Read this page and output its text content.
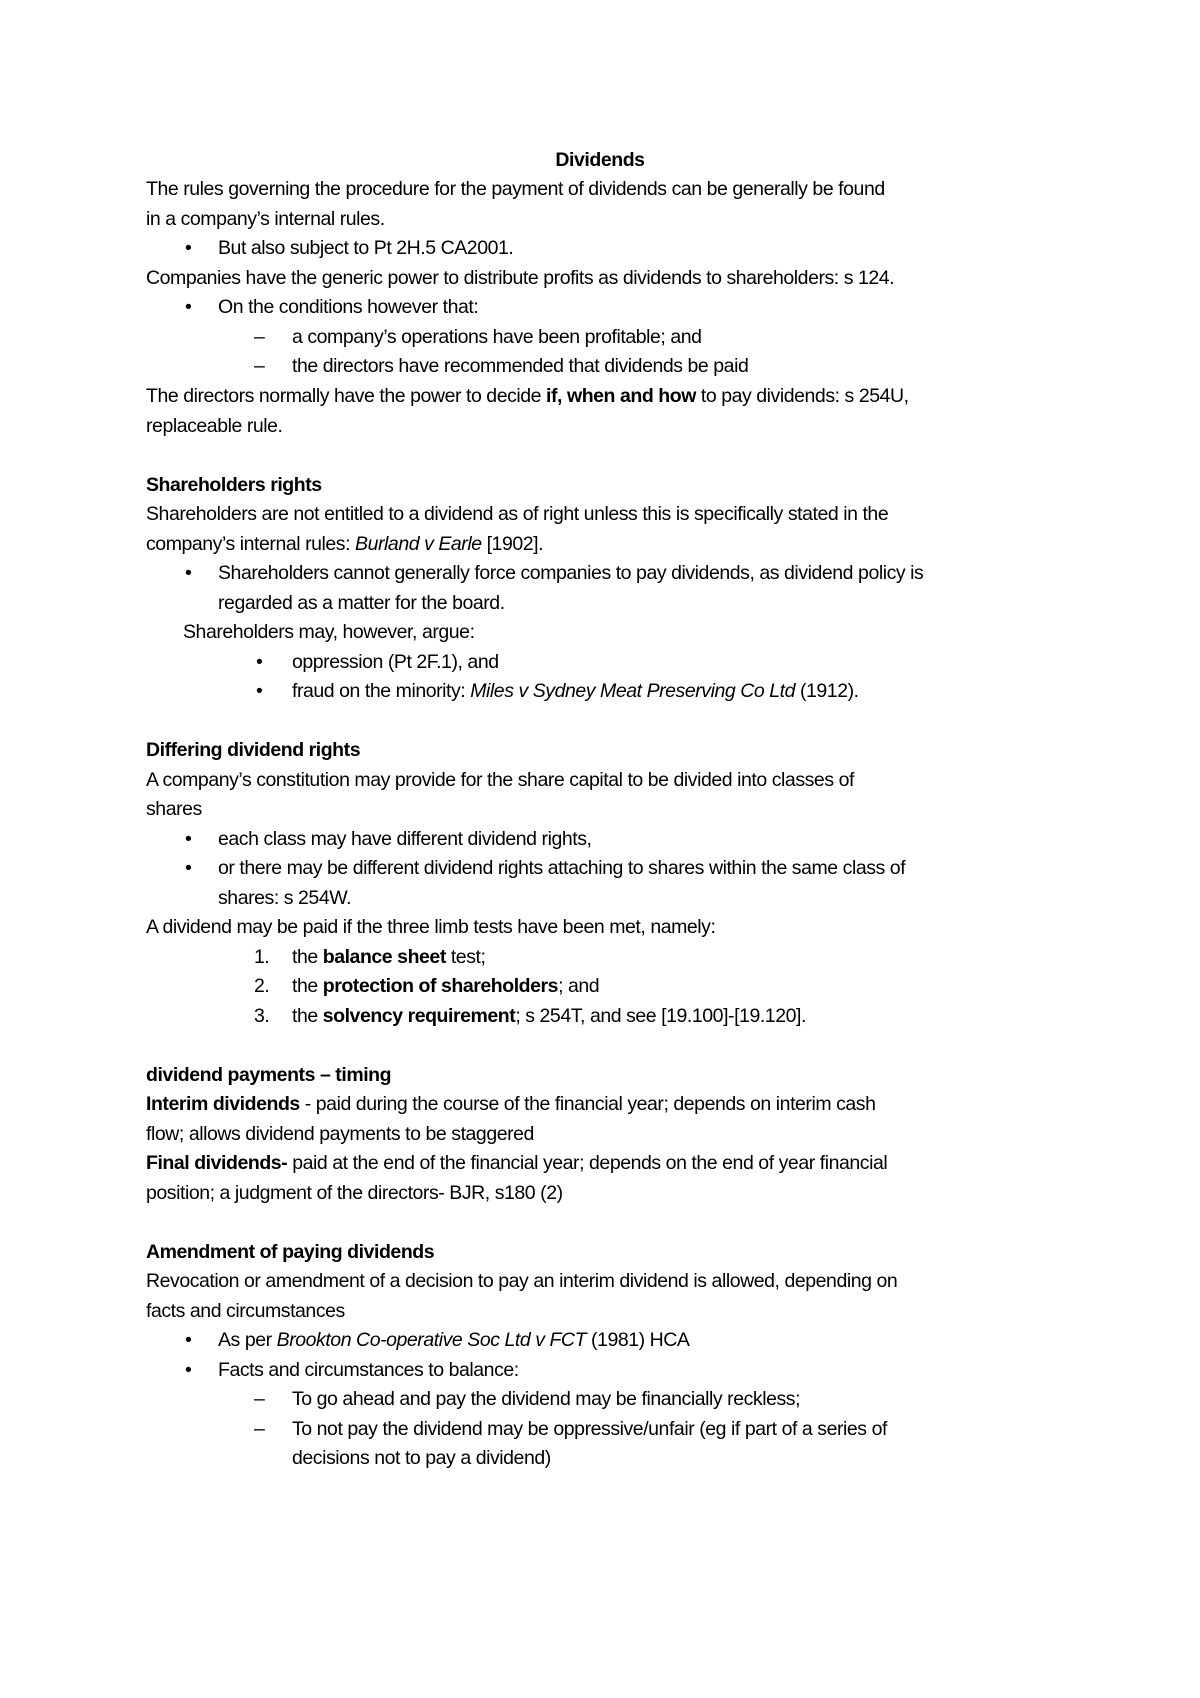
Dividends
The rules governing the procedure for the payment of dividends can be generally be found
in a company’s internal rules.
• But also subject to Pt 2H.5 CA2001.
Companies have the generic power to distribute profits as dividends to shareholders: s 124.
• On the conditions however that:
– a company’s operations have been profitable; and
– the directors have recommended that dividends be paid
The directors normally have the power to decide if, when and how to pay dividends: s 254U,
replaceable rule.
Shareholders rights
Shareholders are not entitled to a dividend as of right unless this is specifically stated in the
company’s internal rules: Burland v Earle [1902].
• Shareholders cannot generally force companies to pay dividends, as dividend policy is
regarded as a matter for the board.
Shareholders may, however, argue:
• oppression (Pt 2F.1), and
• fraud on the minority: Miles v Sydney Meat Preserving Co Ltd (1912).
Differing dividend rights
A company’s constitution may provide for the share capital to be divided into classes of
shares
• each class may have different dividend rights,
• or there may be different dividend rights attaching to shares within the same class of
shares: s 254W.
A dividend may be paid if the three limb tests have been met, namely:
1. the balance sheet test;
2. the protection of shareholders; and
3. the solvency requirement; s 254T, and see [19.100]-[19.120].
dividend payments – timing
Interim dividends - paid during the course of the financial year; depends on interim cash
flow; allows dividend payments to be staggered
Final dividends- paid at the end of the financial year; depends on the end of year financial
position; a judgment of the directors- BJR, s180 (2)
Amendment of paying dividends
Revocation or amendment of a decision to pay an interim dividend is allowed, depending on
facts and circumstances
• As per Brookton Co-operative Soc Ltd v FCT (1981) HCA
• Facts and circumstances to balance:
– To go ahead and pay the dividend may be financially reckless;
– To not pay the dividend may be oppressive/unfair (eg if part of a series of
decisions not to pay a dividend)
